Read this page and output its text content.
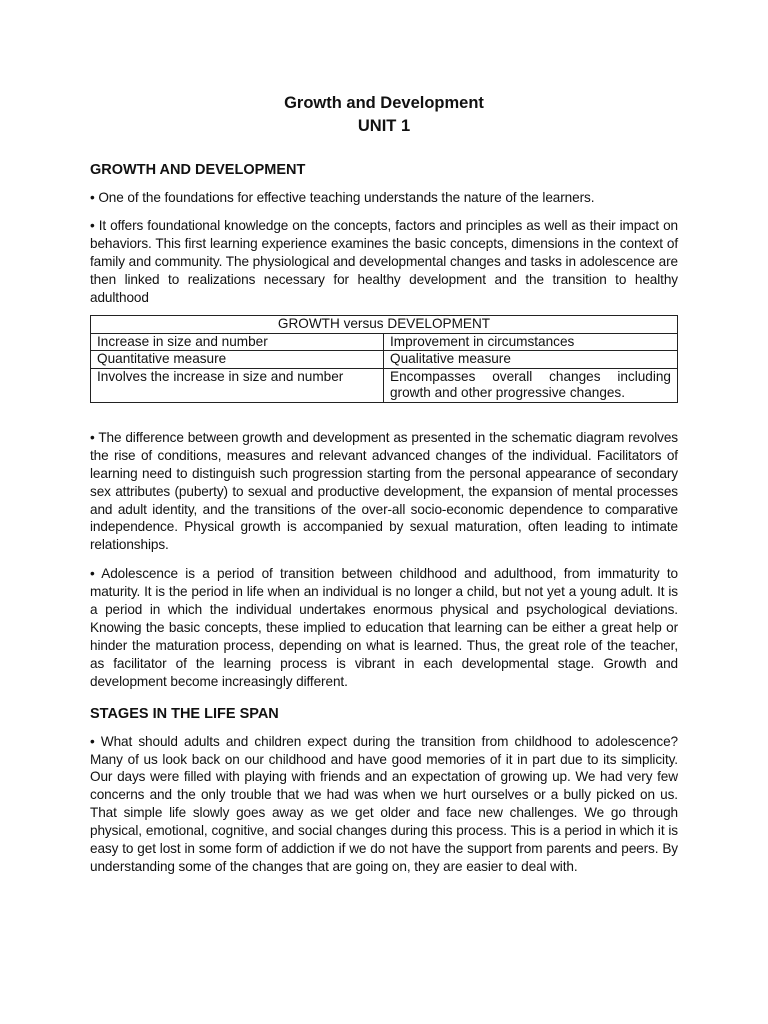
Growth and Development
UNIT 1
GROWTH AND DEVELOPMENT

• One of the foundations for effective teaching understands the nature of the learners.

• It offers foundational knowledge on the concepts, factors and principles as well as their impact on behaviors. This first learning experience examines the basic concepts, dimensions in the context of family and community. The physiological and developmental changes and tasks in adolescence are then linked to realizations necessary for healthy development and the transition to healthy adulthood

GROWTH versus DEVELOPMENT	
Increase in size and number	Improvement in circumstances
Quantitative measure	Qualitative measure
Involves the increase in size and number	Encompasses overall changes including growth and other progressive changes.

• The difference between growth and development as presented in the schematic diagram revolves the rise of conditions, measures and relevant advanced changes of the individual. Facilitators of learning need to distinguish such progression starting from the personal appearance of secondary sex attributes (puberty) to sexual and productive development, the expansion of mental processes and adult identity, and the transitions of the over-all socio-economic dependence to comparative independence. Physical growth is accompanied by sexual maturation, often leading to intimate relationships.

• Adolescence is a period of transition between childhood and adulthood, from immaturity to maturity. It is the period in life when an individual is no longer a child, but not yet a young adult. It is a period in which the individual undertakes enormous physical and psychological deviations. Knowing the basic concepts, these implied to education that learning can be either a great help or hinder the maturation process, depending on what is learned. Thus, the great role of the teacher, as facilitator of the learning process is vibrant in each developmental stage. Growth and development become increasingly different.

STAGES IN THE LIFE SPAN

• What should adults and children expect during the transition from childhood to adolescence? Many of us look back on our childhood and have good memories of it in part due to its simplicity. Our days were filled with playing with friends and an expectation of growing up. We had very few concerns and the only trouble that we had was when we hurt ourselves or a bully picked on us. That simple life slowly goes away as we get older and face new challenges. We go through physical, emotional, cognitive, and social changes during this process. This is a period in which it is easy to get lost in some form of addiction if we do not have the support from parents and peers. By understanding some of the changes that are going on, they are easier to deal with.
